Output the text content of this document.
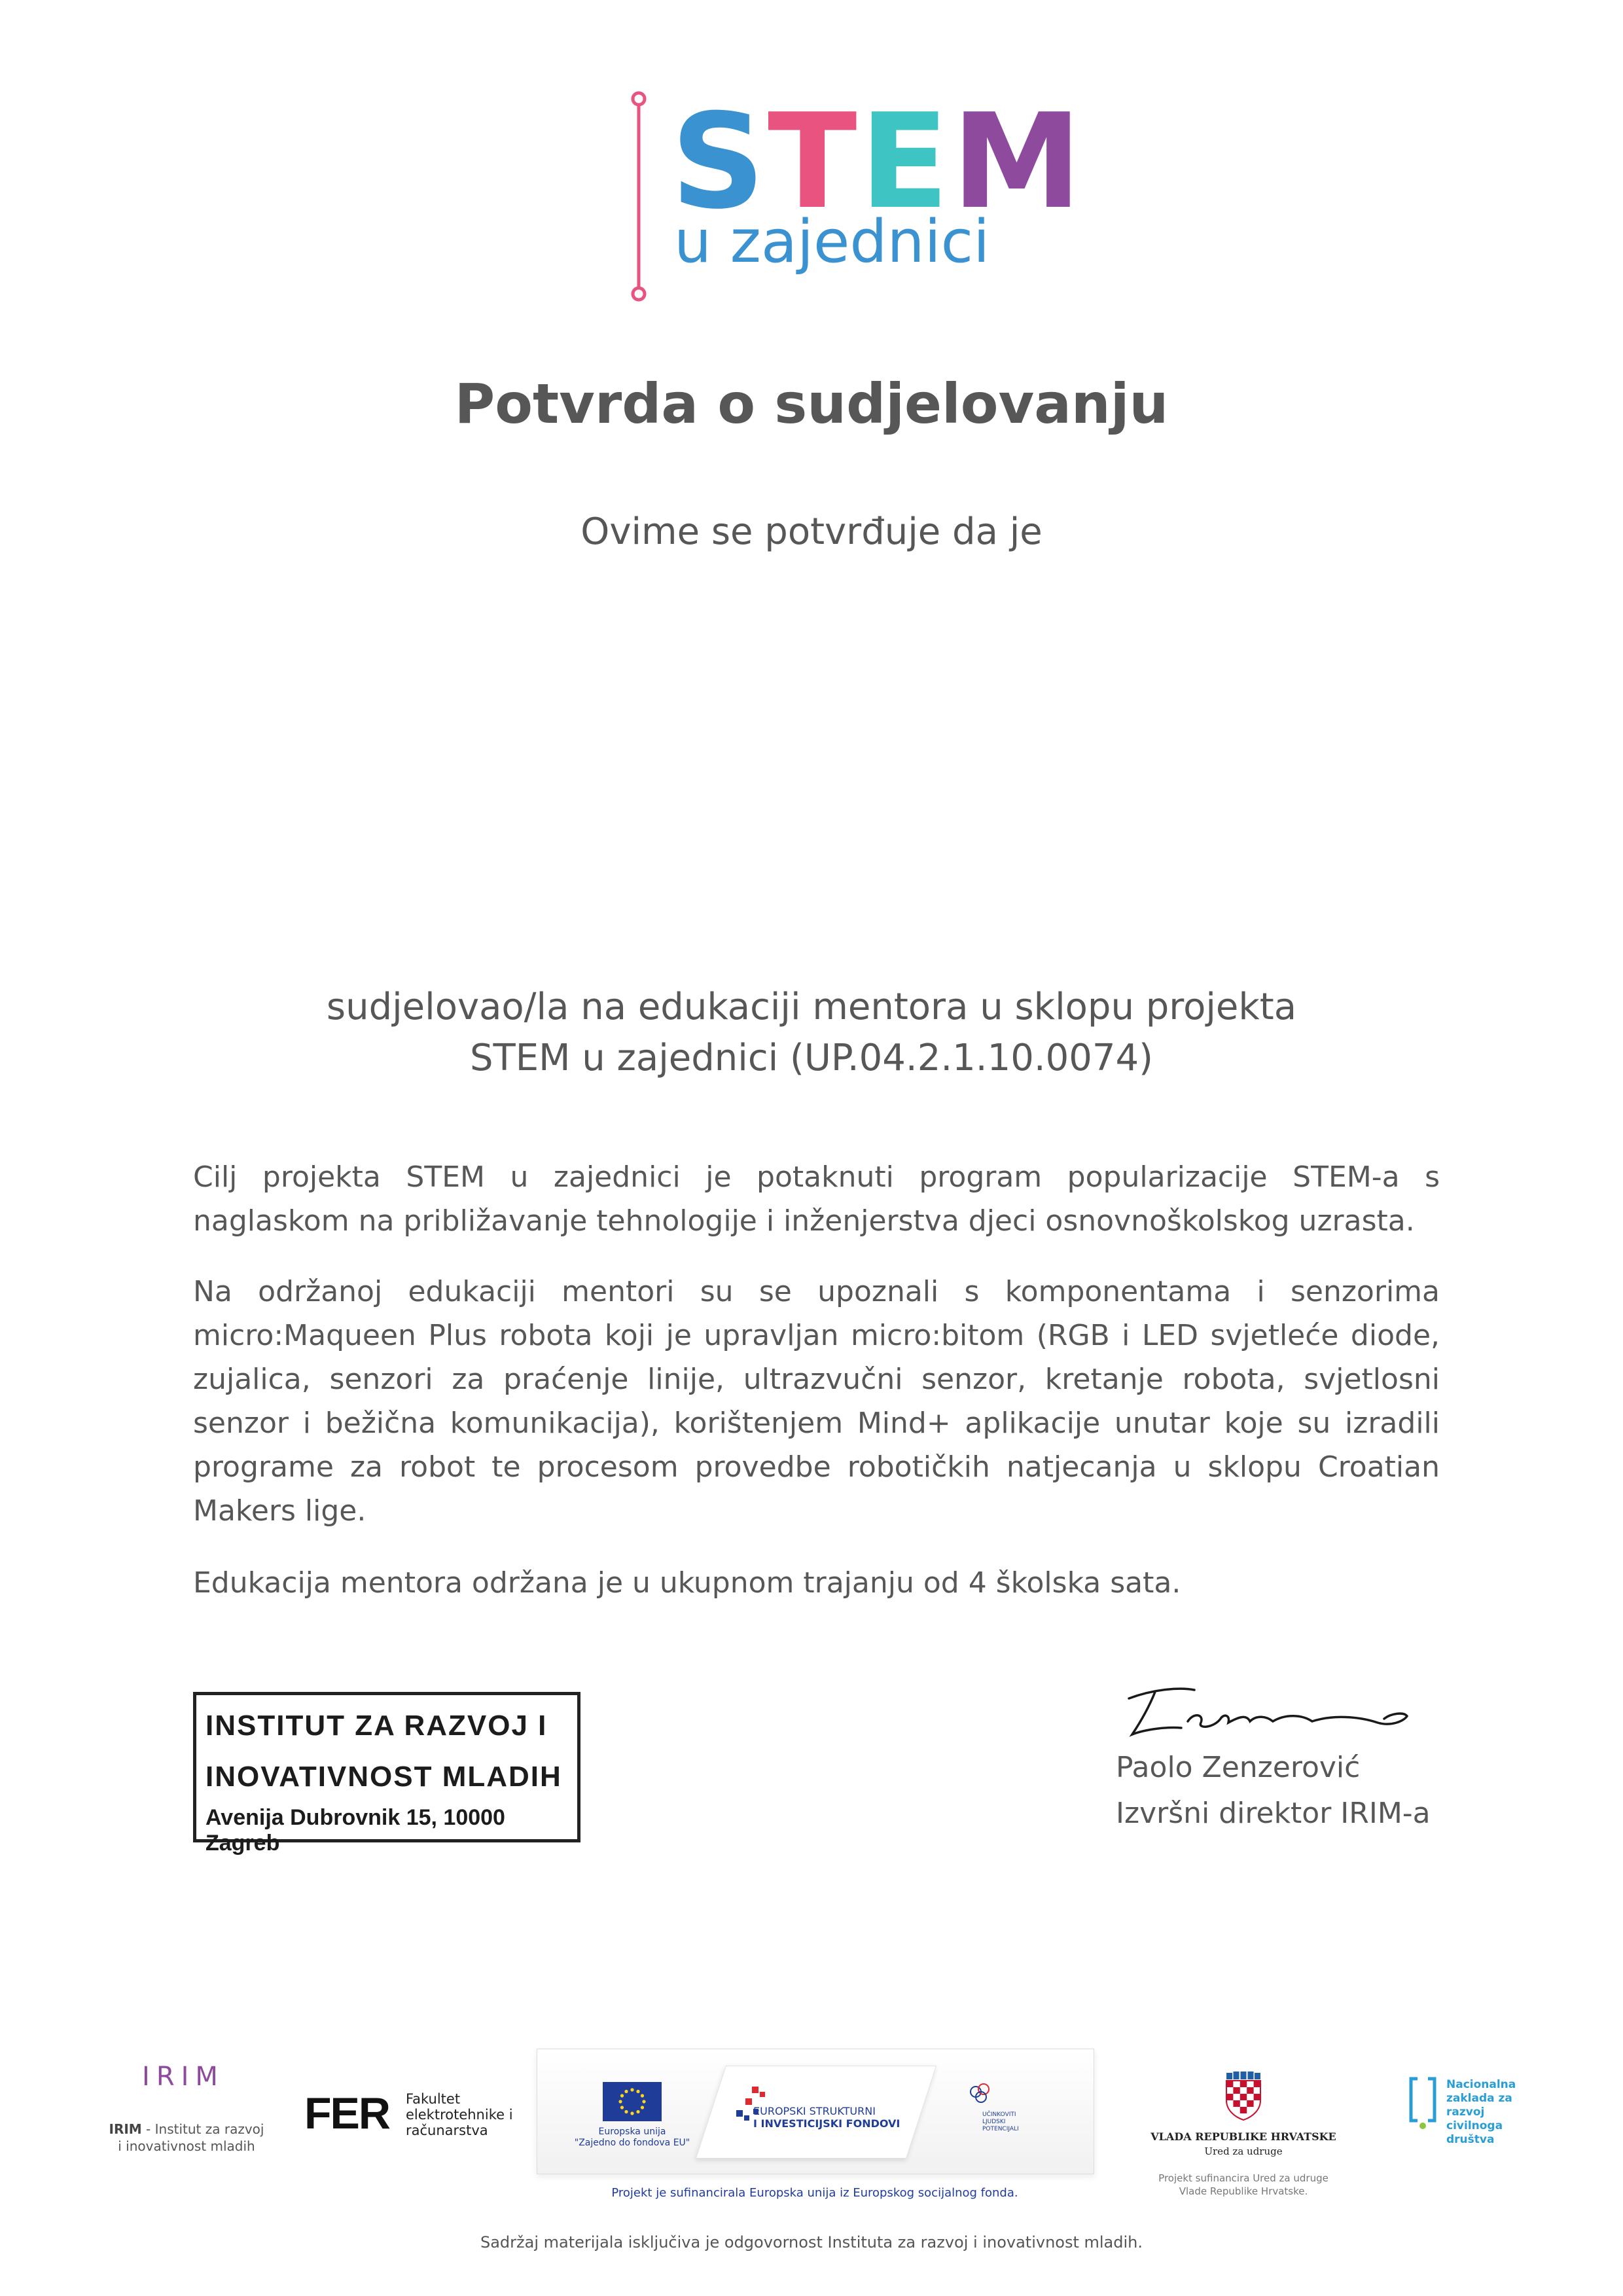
STEM
u zajednici
Potvrda o sudjelovanju
Ovime se potvrđuje da je
sudjelovao/la na edukaciji mentora u sklopu projekta
STEM u zajednici (UP.04.2.1.10.0074)
Cilj projekta STEM u zajednici je potaknuti program popularizacije STEM-a s naglaskom na približavanje tehnologije i inženjerstva djeci osnovnoškolskog uzrasta.
Na održanoj edukaciji mentori su se upoznali s komponentama i senzorima micro:Maqueen Plus robota koji je upravljan micro:bitom (RGB i LED svjetleće diode, zujalica, senzori za praćenje linije, ultrazvučni senzor, kretanje robota, svjetlosni senzor i bežična komunikacija), korištenjem Mind+ aplikacije unutar koje su izradili programe za robot te procesom provedbe robotičkih natjecanja u sklopu Croatian Makers lige.
Edukacija mentora održana je u ukupnom trajanju od 4 školska sata.
INSTITUT ZA RAZVOJ I
INOVATIVNOST MLADIH
Avenija Dubrovnik 15, 10000 Zagreb
Paolo Zenzerović
Izvršni direktor IRIM-a
IRIM
IRIM - Institut za razvoj
i inovativnost mladih
FER Fakultet
elektrotehnike i
računarstva	Europska unija
"Zajedno do fondova EU"
EUROPSKI STRUKTURNI
I INVESTICIJSKI FONDOVI
UČINKOVITI
LJUDSKI
POTENCIJALI
Projekt je sufinancirala Europska unija iz Europskog socijalnog fonda.
VLADA REPUBLIKE HRVATSKE
Ured za udruge
Projekt sufinancira Ured za udruge
Vlade Republike Hrvatske.
Nacionalna
zaklada za
razvoj
civilnoga
društva
Sadržaj materijala isključiva je odgovornost Instituta za razvoj i inovativnost mladih.
